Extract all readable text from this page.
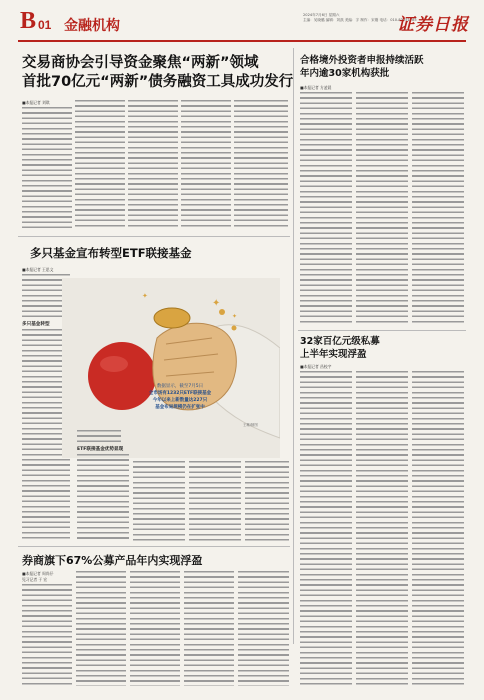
B 01 金融机构
2024年7月6日 星期六
主编：吴晓璐 编辑：刘凯 美编：字 制作：宋刚 电话：010-83251785
证券日报
交易商协会引导资金聚焦“两新”领域
首批70亿元“两新”债务融资工具成功发行
■本报记者 刘琪
合格境外投资者申报持续活跃
年内逾30家机构获批
■本报记者 方凌晨
多只基金宣布转型ETF联接基金
■本报记者 王思文
多只基金转型
✦
✦
✦
数据显示，截至7月5日
全市场有1232只ETF联接基金
今年以来上新数量达227只
基金布局规模仍在扩张中
王琳/制图
ETF联接基金优势显现
32家百亿元级私募
上半年实现浮盈
■本报记者 昌校宇
券商旗下67%公募产品年内实现浮盈
■本报记者 周尚仔
见习记者 于 宏
